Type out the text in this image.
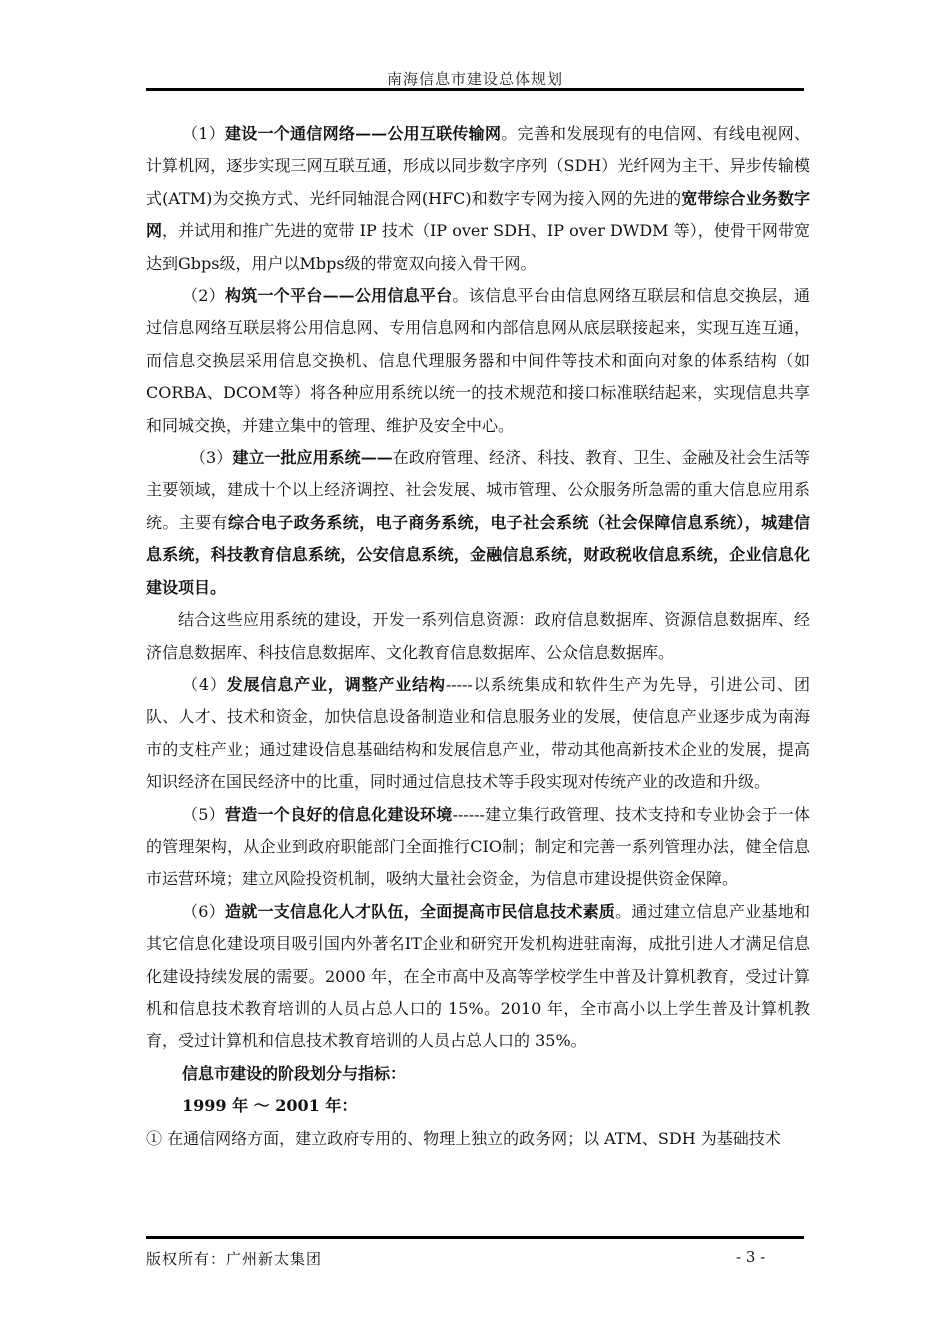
南海信息市建设总体规划

（1）建设一个通信网络——公用互联传输网。完善和发展现有的电信网、有线电视网、计算机网，逐步实现三网互联互通，形成以同步数字序列（SDH）光纤网为主干、异步传输模式(ATM)为交换方式、光纤同轴混合网(HFC)和数字专网为接入网的先进的宽带综合业务数字网，并试用和推广先进的宽带 IP 技术（IP over SDH、IP over DWDM 等），使骨干网带宽达到Gbps级，用户以Mbps级的带宽双向接入骨干网。

（2）构筑一个平台——公用信息平台。该信息平台由信息网络互联层和信息交换层，通过信息网络互联层将公用信息网、专用信息网和内部信息网从底层联接起来，实现互连互通，而信息交换层采用信息交换机、信息代理服务器和中间件等技术和面向对象的体系结构（如CORBA、DCOM等）将各种应用系统以统一的技术规范和接口标准联结起来，实现信息共享和同城交换，并建立集中的管理、维护及安全中心。

（3）建立一批应用系统——在政府管理、经济、科技、教育、卫生、金融及社会生活等主要领域，建成十个以上经济调控、社会发展、城市管理、公众服务所急需的重大信息应用系统。主要有综合电子政务系统，电子商务系统，电子社会系统（社会保障信息系统），城建信息系统，科技教育信息系统，公安信息系统，金融信息系统，财政税收信息系统，企业信息化建设项目。

结合这些应用系统的建设，开发一系列信息资源：政府信息数据库、资源信息数据库、经济信息数据库、科技信息数据库、文化教育信息数据库、公众信息数据库。

（4）发展信息产业，调整产业结构-----以系统集成和软件生产为先导，引进公司、团队、人才、技术和资金，加快信息设备制造业和信息服务业的发展，使信息产业逐步成为南海市的支柱产业；通过建设信息基础结构和发展信息产业，带动其他高新技术企业的发展，提高知识经济在国民经济中的比重，同时通过信息技术等手段实现对传统产业的改造和升级。

（5）营造一个良好的信息化建设环境------建立集行政管理、技术支持和专业协会于一体的管理架构，从企业到政府职能部门全面推行CIO制；制定和完善一系列管理办法，健全信息市运营环境；建立风险投资机制，吸纳大量社会资金，为信息市建设提供资金保障。

（6）造就一支信息化人才队伍，全面提高市民信息技术素质。通过建立信息产业基地和其它信息化建设项目吸引国内外著名IT企业和研究开发机构进驻南海，成批引进人才满足信息化建设持续发展的需要。2000 年，在全市高中及高等学校学生中普及计算机教育，受过计算机和信息技术教育培训的人员占总人口的 15%。2010 年，全市高小以上学生普及计算机教育，受过计算机和信息技术教育培训的人员占总人口的 35%。

信息市建设的阶段划分与指标：

1999 年 ～ 2001 年：

① 在通信网络方面，建立政府专用的、物理上独立的政务网；以 ATM、SDH 为基础技术

版权所有：广州新太集团	- 3 -
